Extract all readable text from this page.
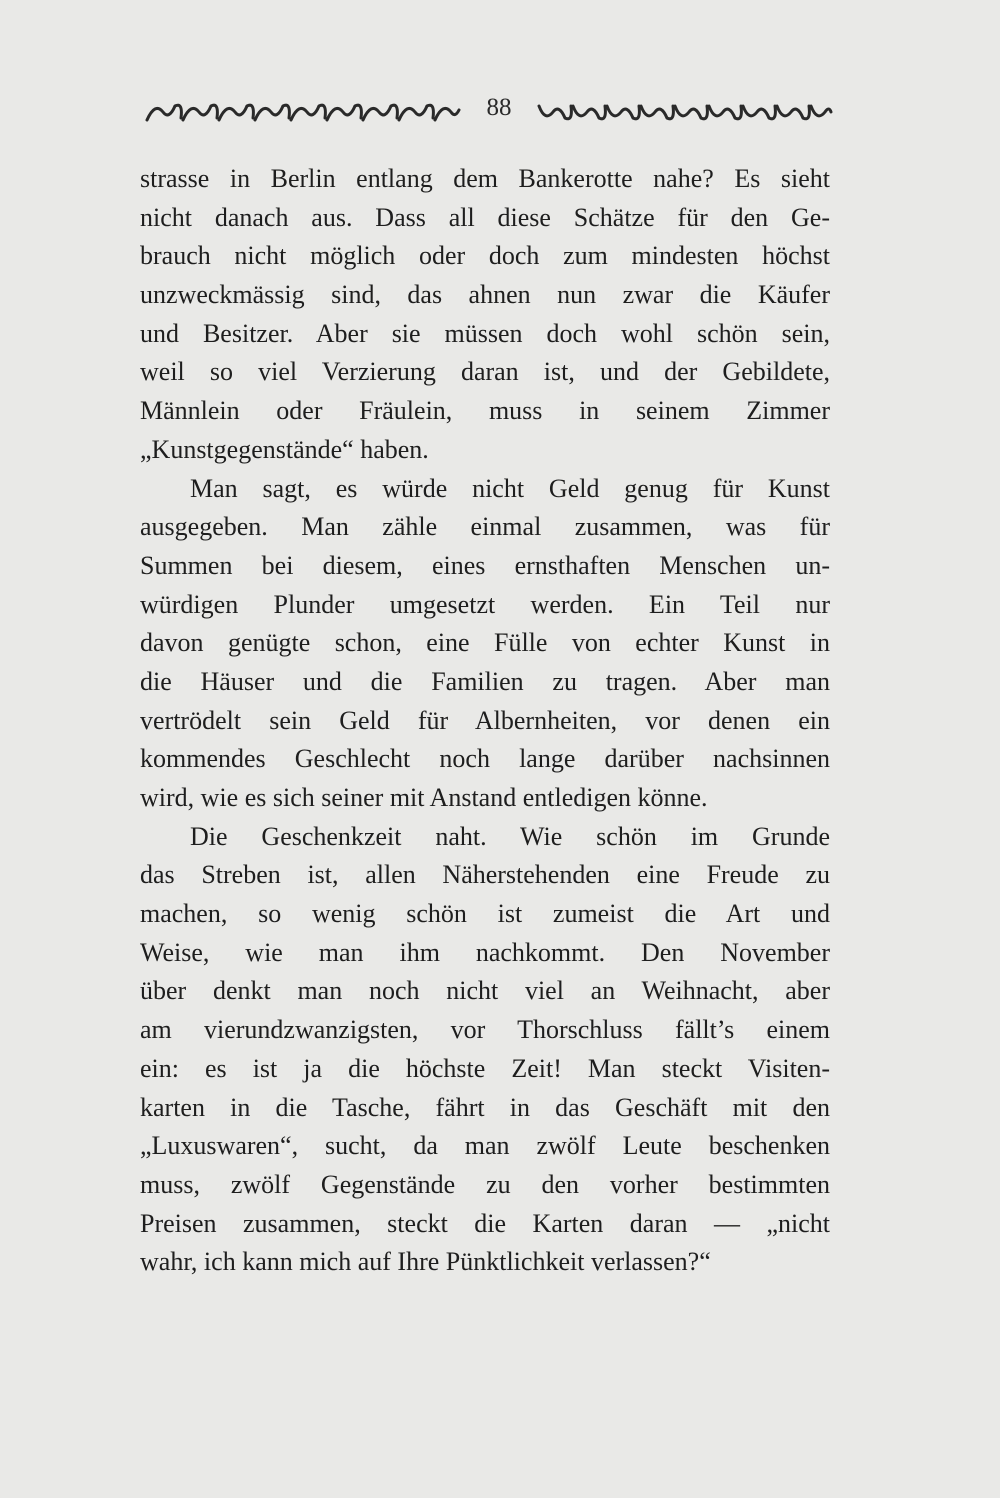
88
strasse in Berlin entlang dem Bankerotte nahe? Es sieht
nicht danach aus. Dass all diese Schätze für den Ge-
brauch nicht möglich oder doch zum mindesten höchst
unzweckmässig sind, das ahnen nun zwar die Käufer
und Besitzer. Aber sie müssen doch wohl schön sein,
weil so viel Verzierung daran ist, und der Gebildete,
Männlein oder Fräulein, muss in seinem Zimmer
„Kunstgegenstände“ haben.
Man sagt, es würde nicht Geld genug für Kunst
ausgegeben. Man zähle einmal zusammen, was für
Summen bei diesem, eines ernsthaften Menschen un-
würdigen Plunder umgesetzt werden. Ein Teil nur
davon genügte schon, eine Fülle von echter Kunst in
die Häuser und die Familien zu tragen. Aber man
vertrödelt sein Geld für Albernheiten, vor denen ein
kommendes Geschlecht noch lange darüber nachsinnen
wird, wie es sich seiner mit Anstand entledigen könne.
Die Geschenkzeit naht. Wie schön im Grunde
das Streben ist, allen Näherstehenden eine Freude zu
machen, so wenig schön ist zumeist die Art und
Weise, wie man ihm nachkommt. Den November
über denkt man noch nicht viel an Weihnacht, aber
am vierundzwanzigsten, vor Thorschluss fällt’s einem
ein: es ist ja die höchste Zeit! Man steckt Visiten-
karten in die Tasche, fährt in das Geschäft mit den
„Luxuswaren“, sucht, da man zwölf Leute beschenken
muss, zwölf Gegenstände zu den vorher bestimmten
Preisen zusammen, steckt die Karten daran — „nicht
wahr, ich kann mich auf Ihre Pünktlichkeit verlassen?“
